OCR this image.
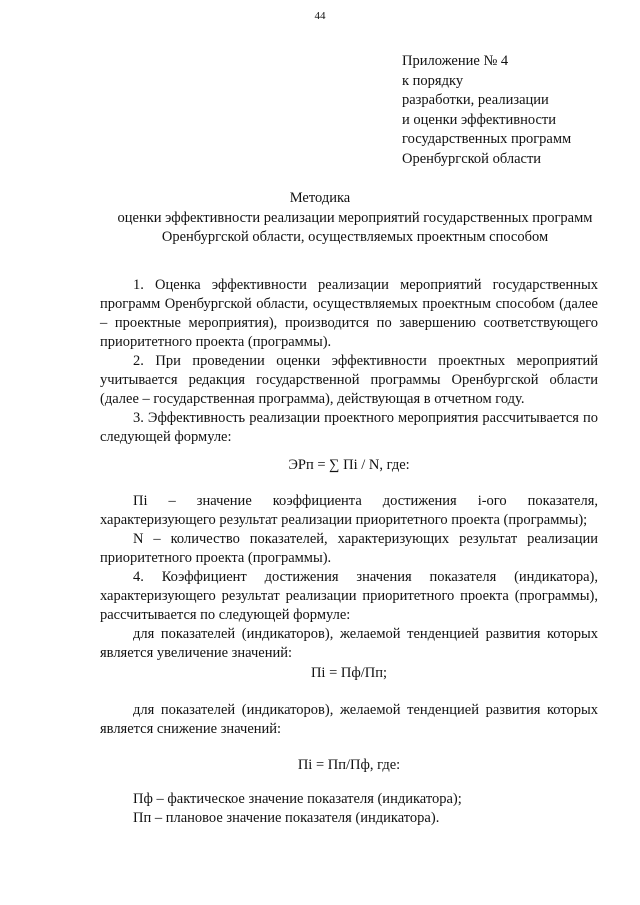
44
Приложение № 4
к порядку
разработки, реализации
и оценки эффективности
государственных программ
Оренбургской области
Методика
оценки эффективности реализации мероприятий государственных программ Оренбургской области, осуществляемых проектным способом
1. Оценка эффективности реализации мероприятий государственных программ Оренбургской области, осуществляемых проектным способом (далее – проектные мероприятия), производится по завершению соответствующего приоритетного проекта (программы).
2. При проведении оценки эффективности проектных мероприятий учитывается редакция государственной программы Оренбургской области (далее – государственная программа), действующая в отчетном году.
3. Эффективность реализации проектного мероприятия рассчитывается по следующей формуле:
ЭРп = ∑ Пi / N, где:
Пi – значение коэффициента достижения i-ого показателя, характеризующего результат реализации приоритетного проекта (программы);
N – количество показателей, характеризующих результат реализации приоритетного проекта (программы).
4. Коэффициент достижения значения показателя (индикатора), характеризующего результат реализации приоритетного проекта (программы), рассчитывается по следующей формуле:
для показателей (индикаторов), желаемой тенденцией развития которых является увеличение значений:
Пi = Пф/Пп;
для показателей (индикаторов), желаемой тенденцией развития которых является снижение значений:
Пi = Пп/Пф, где:
Пф – фактическое значение показателя (индикатора);
Пп – плановое значение показателя (индикатора).
